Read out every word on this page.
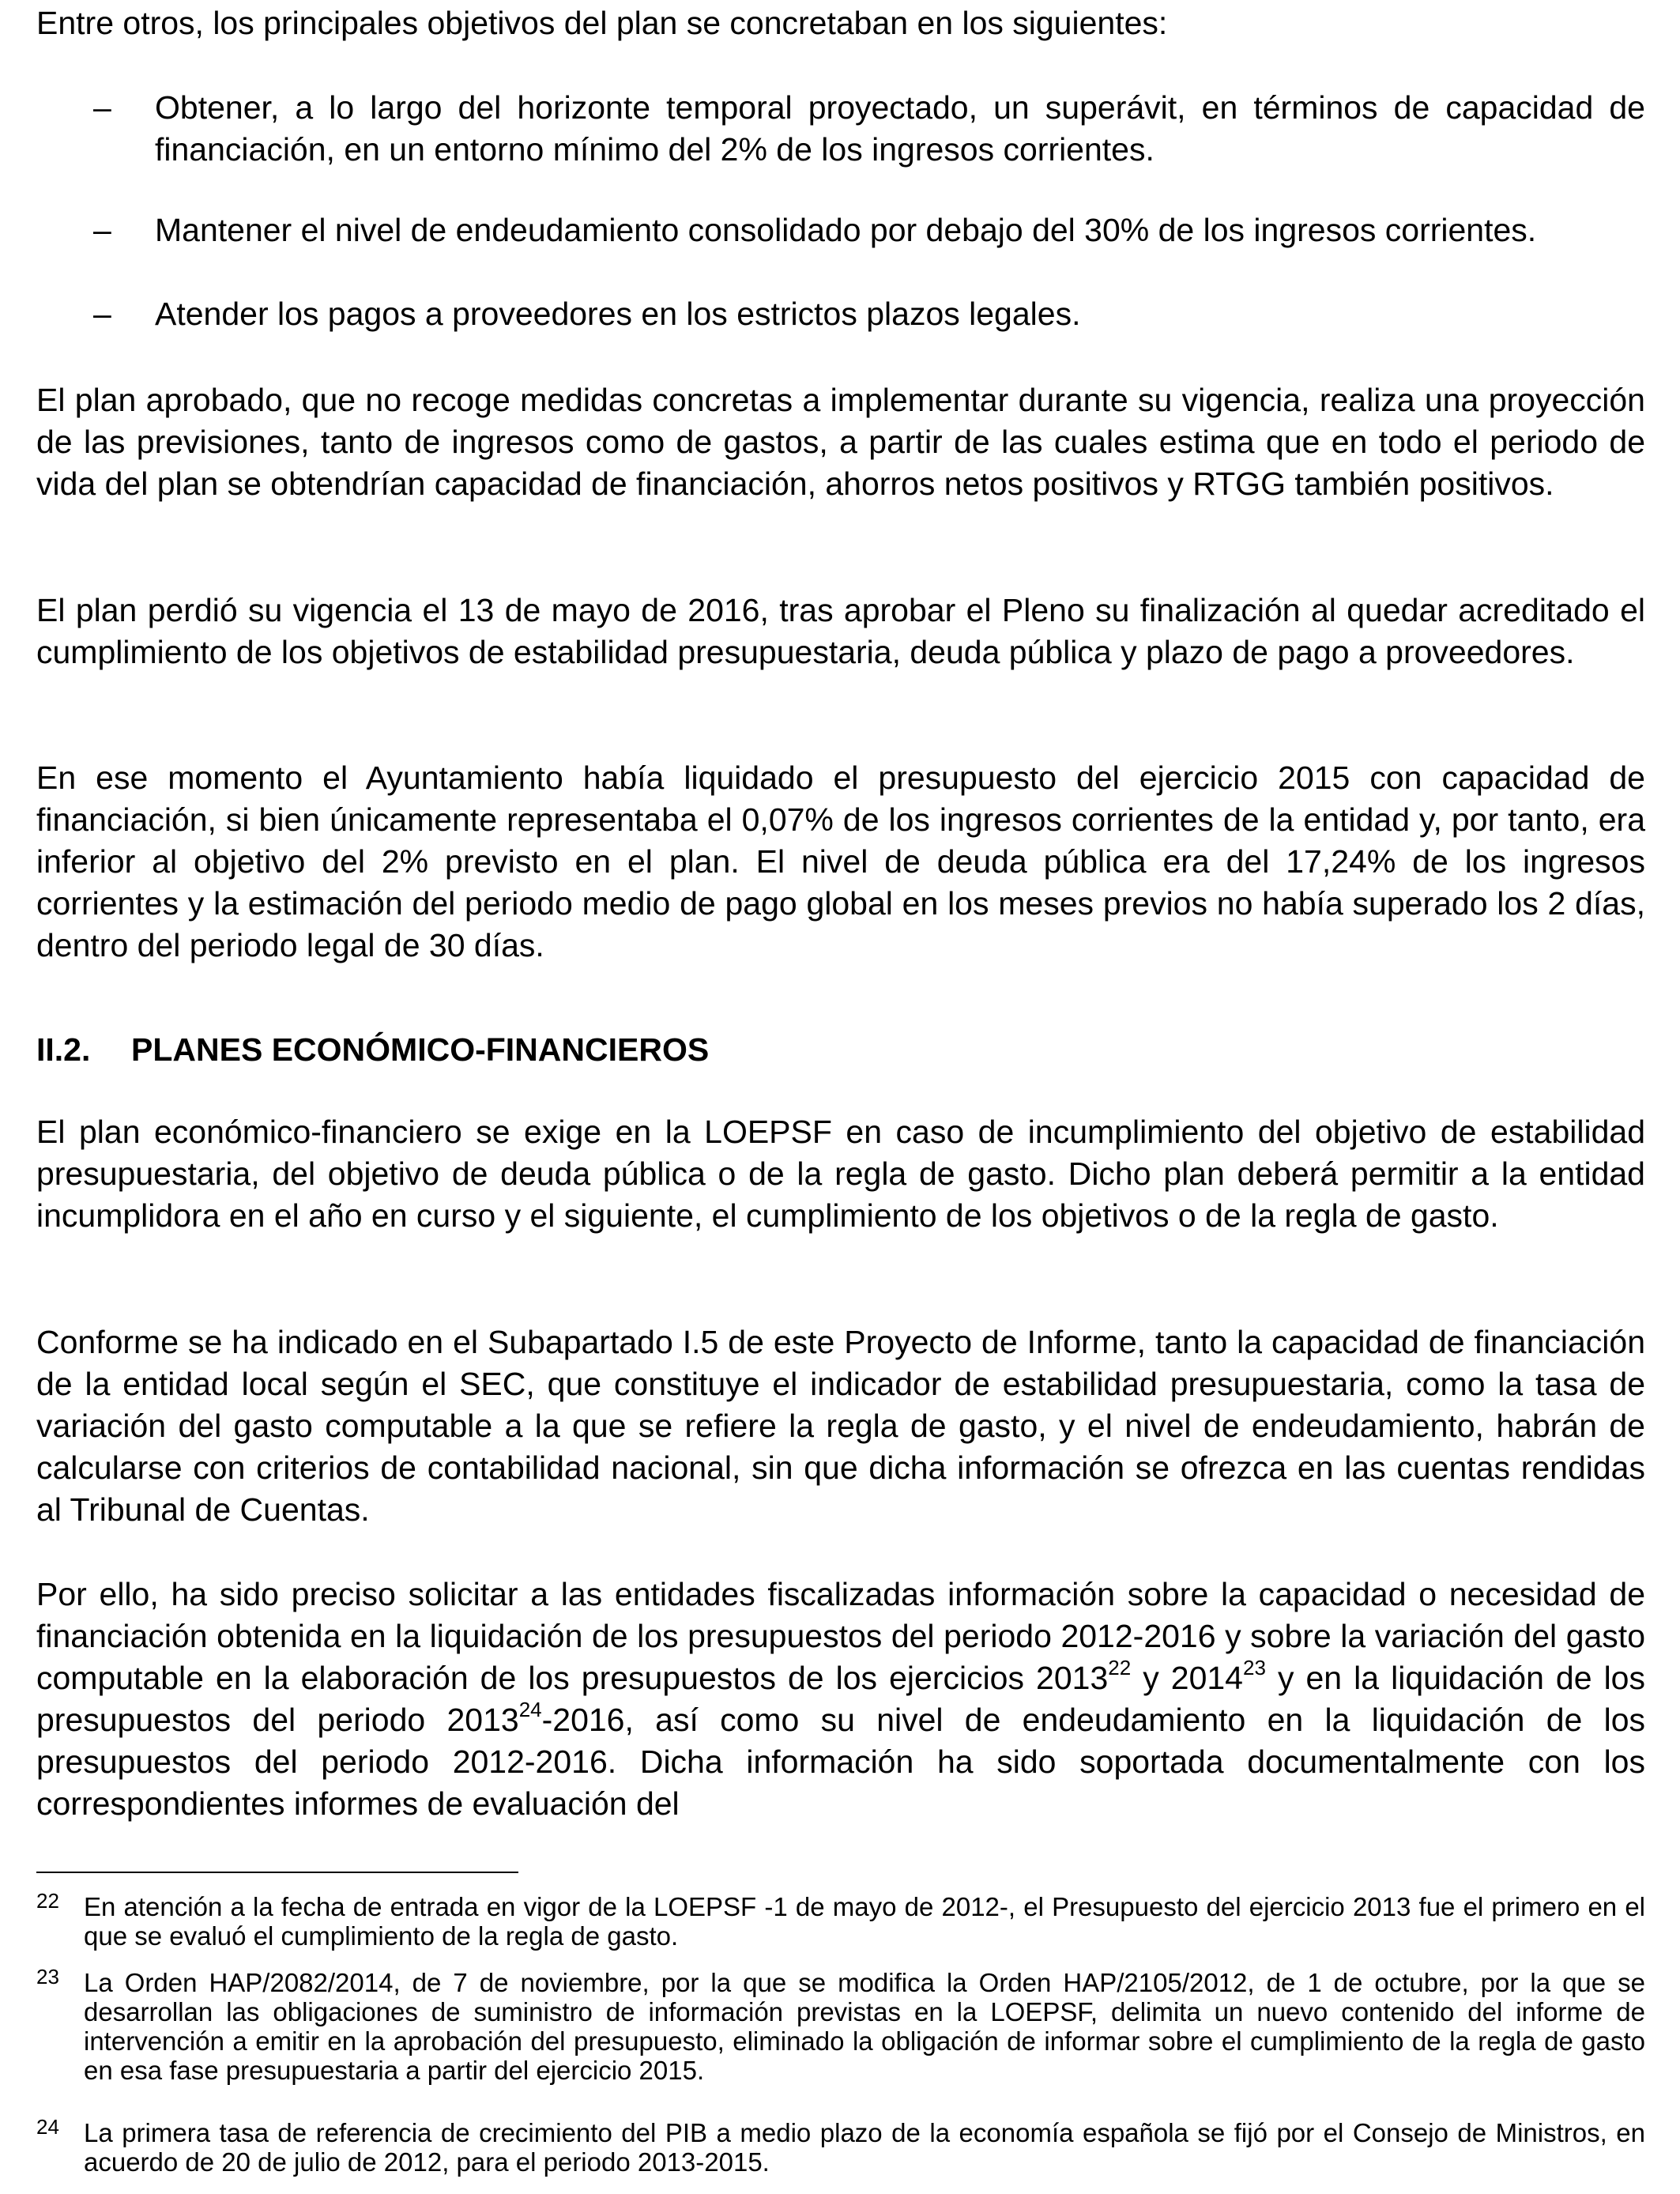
Entre otros, los principales objetivos del plan se concretaban en los siguientes:

– Obtener, a lo largo del horizonte temporal proyectado, un superávit, en términos de capacidad de financiación, en un entorno mínimo del 2% de los ingresos corrientes.

– Mantener el nivel de endeudamiento consolidado por debajo del 30% de los ingresos corrientes.

– Atender los pagos a proveedores en los estrictos plazos legales.

El plan aprobado, que no recoge medidas concretas a implementar durante su vigencia, realiza una proyección de las previsiones, tanto de ingresos como de gastos, a partir de las cuales estima que en todo el periodo de vida del plan se obtendrían capacidad de financiación, ahorros netos positivos y RTGG también positivos.

El plan perdió su vigencia el 13 de mayo de 2016, tras aprobar el Pleno su finalización al quedar acreditado el cumplimiento de los objetivos de estabilidad presupuestaria, deuda pública y plazo de pago a proveedores.

En ese momento el Ayuntamiento había liquidado el presupuesto del ejercicio 2015 con capacidad de financiación, si bien únicamente representaba el 0,07% de los ingresos corrientes de la entidad y, por tanto, era inferior al objetivo del 2% previsto en el plan. El nivel de deuda pública era del 17,24% de los ingresos corrientes y la estimación del periodo medio de pago global en los meses previos no había superado los 2 días, dentro del periodo legal de 30 días.

II.2. PLANES ECONÓMICO-FINANCIEROS

El plan económico-financiero se exige en la LOEPSF en caso de incumplimiento del objetivo de estabilidad presupuestaria, del objetivo de deuda pública o de la regla de gasto. Dicho plan deberá permitir a la entidad incumplidora en el año en curso y el siguiente, el cumplimiento de los objetivos o de la regla de gasto.

Conforme se ha indicado en el Subapartado I.5 de este Proyecto de Informe, tanto la capacidad de financiación de la entidad local según el SEC, que constituye el indicador de estabilidad presupuestaria, como la tasa de variación del gasto computable a la que se refiere la regla de gasto, y el nivel de endeudamiento, habrán de calcularse con criterios de contabilidad nacional, sin que dicha información se ofrezca en las cuentas rendidas al Tribunal de Cuentas.

Por ello, ha sido preciso solicitar a las entidades fiscalizadas información sobre la capacidad o necesidad de financiación obtenida en la liquidación de los presupuestos del periodo 2012-2016 y sobre la variación del gasto computable en la elaboración de los presupuestos de los ejercicios 2013$^{22}$ y 2014$^{23}$ y en la liquidación de los presupuestos del periodo 2013$^{24}$-2016, así como su nivel de endeudamiento en la liquidación de los presupuestos del periodo 2012-2016. Dicha información ha sido soportada documentalmente con los correspondientes informes de evaluación del

22 En atención a la fecha de entrada en vigor de la LOEPSF -1 de mayo de 2012-, el Presupuesto del ejercicio 2013 fue el primero en el que se evaluó el cumplimiento de la regla de gasto.

23 La Orden HAP/2082/2014, de 7 de noviembre, por la que se modifica la Orden HAP/2105/2012, de 1 de octubre, por la que se desarrollan las obligaciones de suministro de información previstas en la LOEPSF, delimita un nuevo contenido del informe de intervención a emitir en la aprobación del presupuesto, eliminado la obligación de informar sobre el cumplimiento de la regla de gasto en esa fase presupuestaria a partir del ejercicio 2015.

24 La primera tasa de referencia de crecimiento del PIB a medio plazo de la economía española se fijó por el Consejo de Ministros, en acuerdo de 20 de julio de 2012, para el periodo 2013-2015.
